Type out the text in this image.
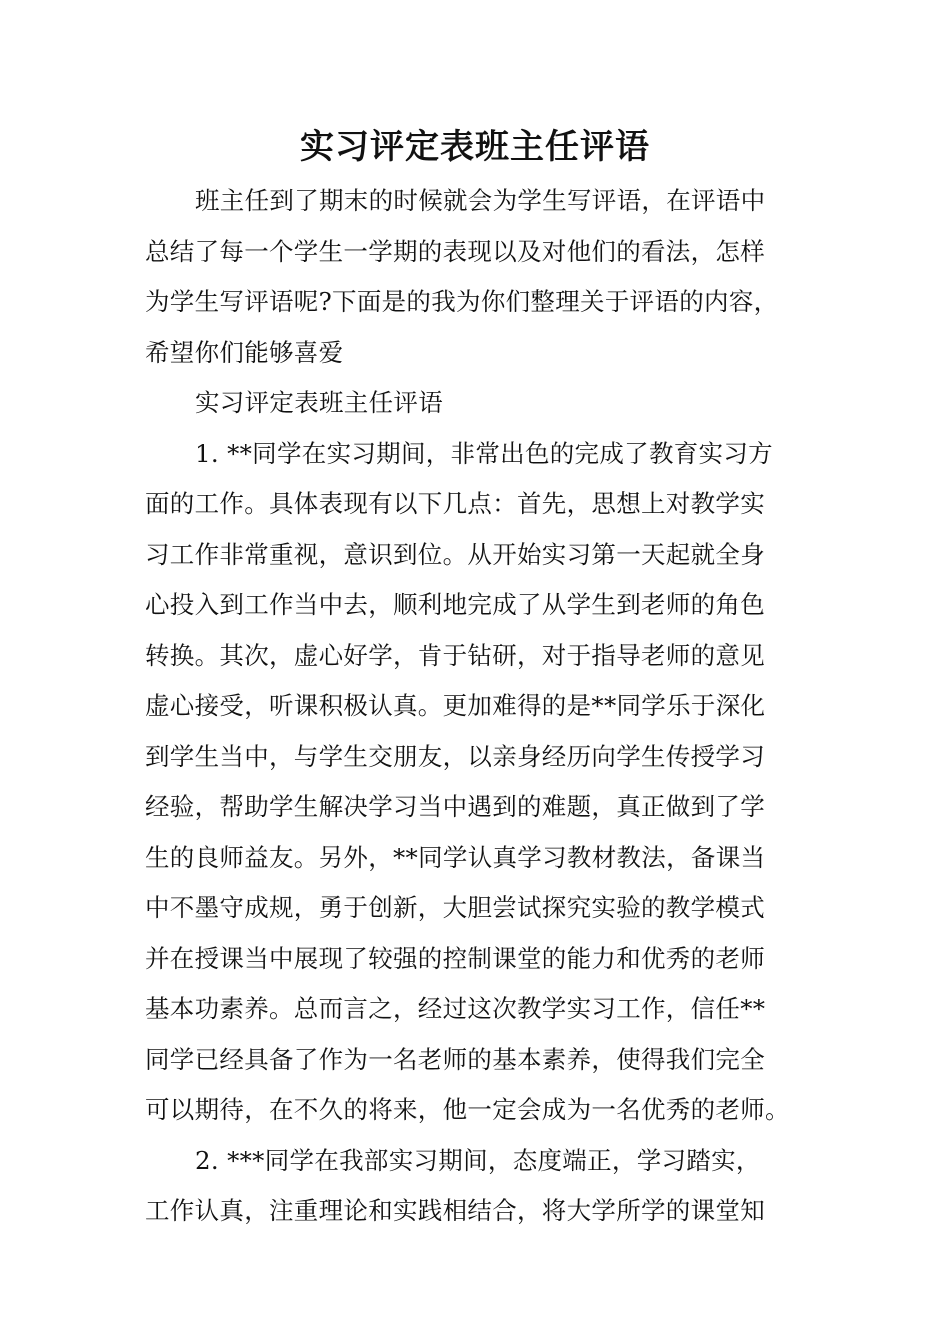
实习评定表班主任评语
班主任到了期末的时候就会为学生写评语，在评语中
总结了每一个学生一学期的表现以及对他们的看法，怎样
为学生写评语呢?下面是的我为你们整理关于评语的内容，
希望你们能够喜爱
实习评定表班主任评语
1. **同学在实习期间，非常出色的完成了教育实习方
面的工作。具体表现有以下几点：首先，思想上对教学实
习工作非常重视，意识到位。从开始实习第一天起就全身
心投入到工作当中去，顺利地完成了从学生到老师的角色
转换。其次，虚心好学，肯于钻研，对于指导老师的意见
虚心接受，听课积极认真。更加难得的是**同学乐于深化
到学生当中，与学生交朋友，以亲身经历向学生传授学习
经验，帮助学生解决学习当中遇到的难题，真正做到了学
生的良师益友。另外，**同学认真学习教材教法，备课当
中不墨守成规，勇于创新，大胆尝试探究实验的教学模式
并在授课当中展现了较强的控制课堂的能力和优秀的老师
基本功素养。总而言之，经过这次教学实习工作，信任**
同学已经具备了作为一名老师的基本素养，使得我们完全
可以期待，在不久的将来，他一定会成为一名优秀的老师。
2. ***同学在我部实习期间，态度端正，学习踏实，
工作认真，注重理论和实践相结合，将大学所学的课堂知
